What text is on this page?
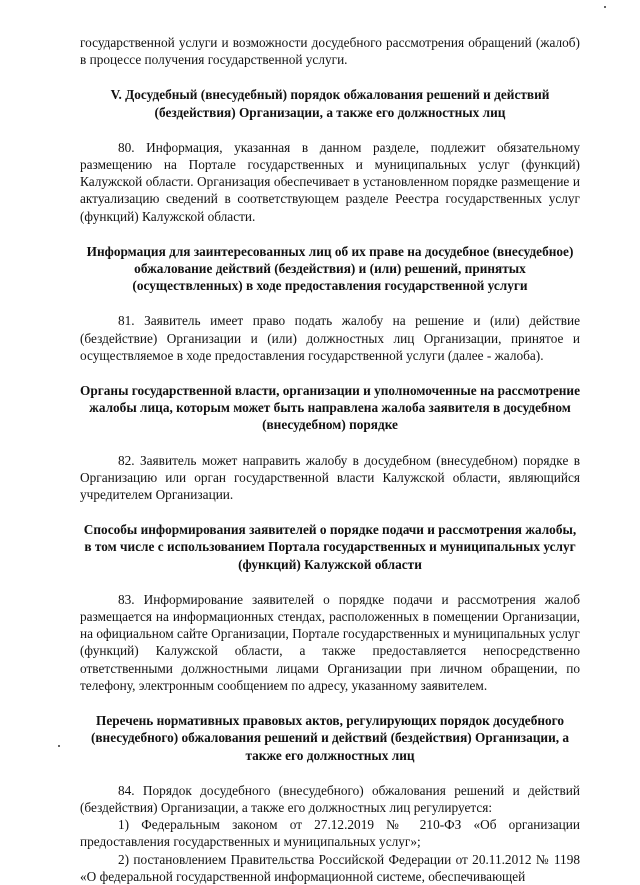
государственной услуги и возможности досудебного рассмотрения обращений (жалоб) в процессе получения государственной услуги.

V. Досудебный (внесудебный) порядок обжалования решений и действий (бездействия) Организации, а также его должностных лиц

80. Информация, указанная в данном разделе, подлежит обязательному размещению на Портале государственных и муниципальных услуг (функций) Калужской области. Организация обеспечивает в установленном порядке размещение и актуализацию сведений в соответствующем разделе Реестра государственных услуг (функций) Калужской области.

Информация для заинтересованных лиц об их праве на досудебное (внесудебное) обжалование действий (бездействия) и (или) решений, принятых (осуществленных) в ходе предоставления государственной услуги

81. Заявитель имеет право подать жалобу на решение и (или) действие (бездействие) Организации и (или) должностных лиц Организации, принятое и осуществляемое в ходе предоставления государственной услуги (далее - жалоба).

Органы государственной власти, организации и уполномоченные на рассмотрение жалобы лица, которым может быть направлена жалоба заявителя в досудебном (внесудебном) порядке

82. Заявитель может направить жалобу в досудебном (внесудебном) порядке в Организацию или орган государственной власти Калужской области, являющийся учредителем Организации.

Способы информирования заявителей о порядке подачи и рассмотрения жалобы, в том числе с использованием Портала государственных и муниципальных услуг (функций) Калужской области

83. Информирование заявителей о порядке подачи и рассмотрения жалоб размещается на информационных стендах, расположенных в помещении Организации, на официальном сайте Организации, Портале государственных и муниципальных услуг (функций) Калужской области, а также предоставляется непосредственно ответственными должностными лицами Организации при личном обращении, по телефону, электронным сообщением по адресу, указанному заявителем.

Перечень нормативных правовых актов, регулирующих порядок досудебного (внесудебного) обжалования решений и действий (бездействия) Организации, а также его должностных лиц

84. Порядок досудебного (внесудебного) обжалования решений и действий (бездействия) Организации, а также его должностных лиц регулируется:

1) Федеральным законом от 27.12.2019 № 210-ФЗ «Об организации предоставления государственных и муниципальных услуг»;

2) постановлением Правительства Российской Федерации от 20.11.2012 № 1198 «О федеральной государственной информационной системе, обеспечивающей
